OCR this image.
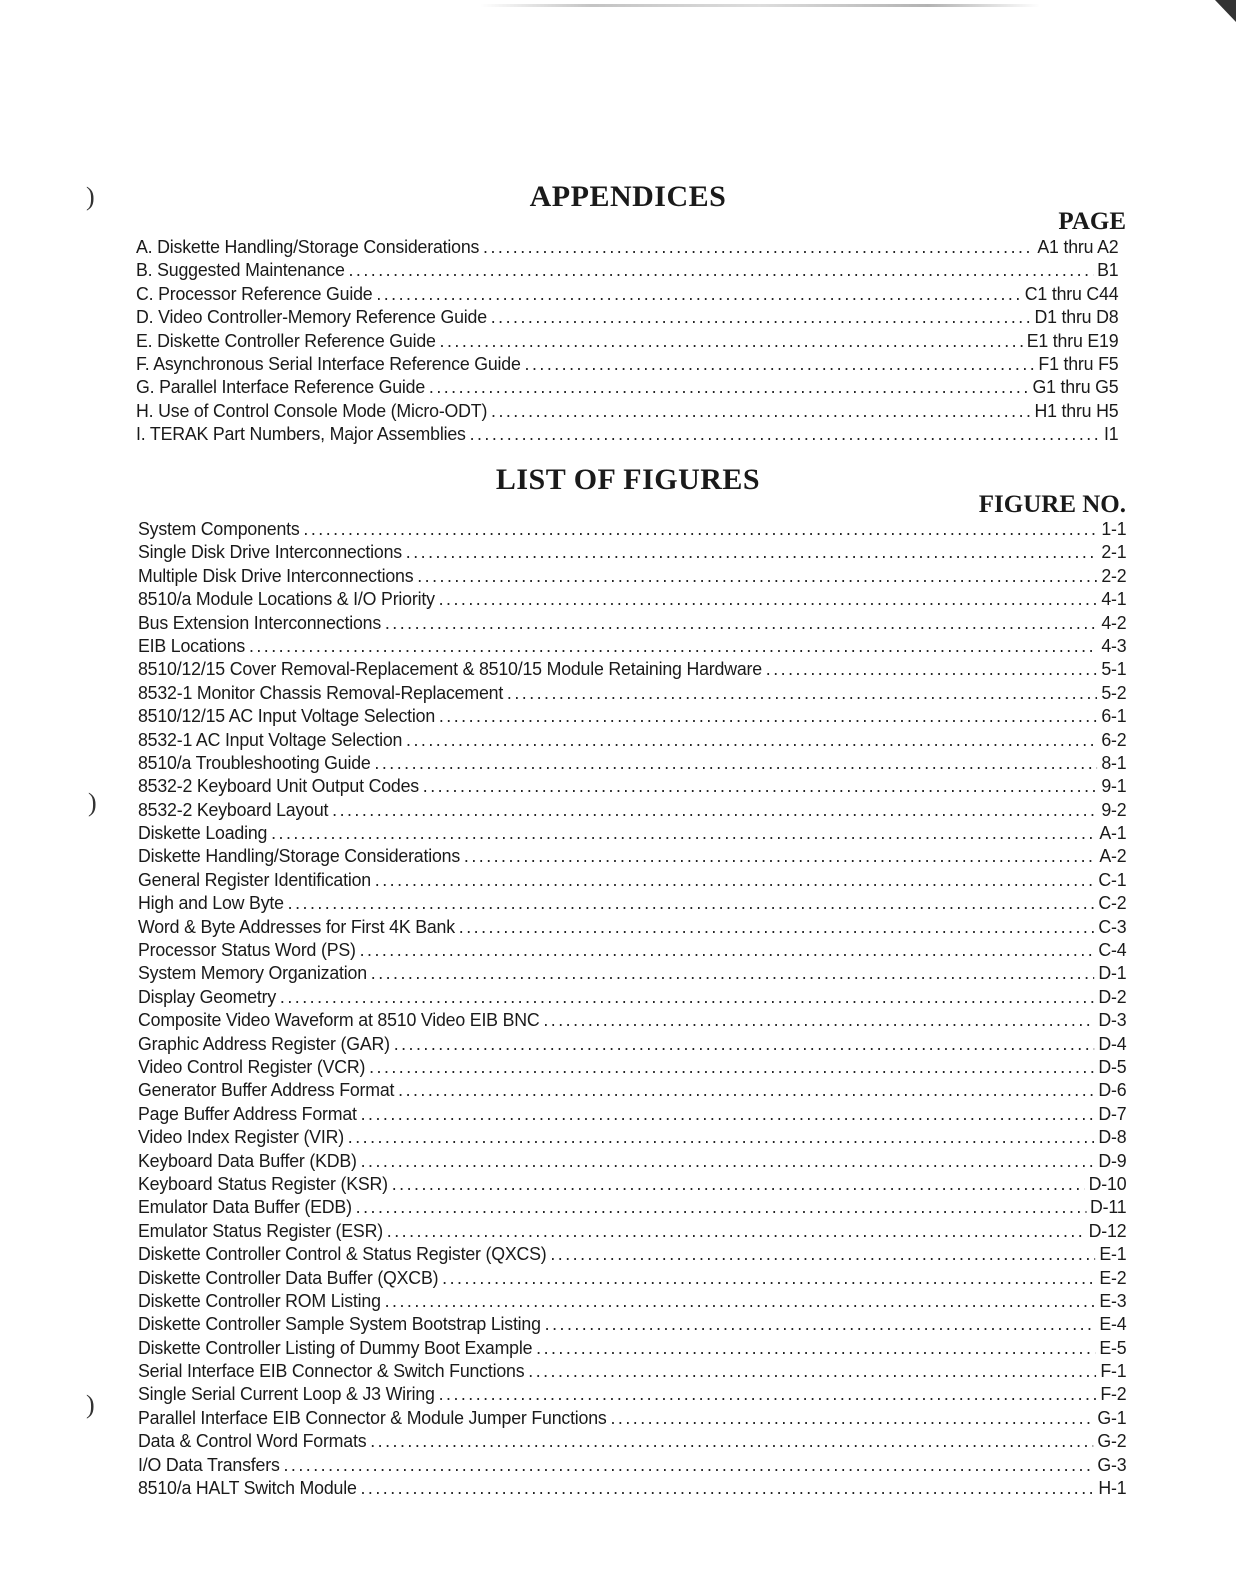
)
)
)
APPENDICES
PAGE
A. Diskette Handling/Storage Considerations .....	A1 thru A2
B. Suggested Maintenance .....	B1
C. Processor Reference Guide .....	C1 thru C44
D. Video Controller-Memory Reference Guide .....	D1 thru D8
E. Diskette Controller Reference Guide .....	E1 thru E19
F. Asynchronous Serial Interface Reference Guide .....	F1 thru F5
G. Parallel Interface Reference Guide .....	G1 thru G5
H. Use of Control Console Mode (Micro-ODT) .....	H1 thru H5
I. TERAK Part Numbers, Major Assemblies .....	I1
LIST OF FIGURES
FIGURE NO.
System Components .....	1-1
Single Disk Drive Interconnections .....	2-1
Multiple Disk Drive Interconnections .....	2-2
8510/a Module Locations & I/O Priority .....	4-1
Bus Extension Interconnections .....	4-2
EIB Locations .....	4-3
8510/12/15 Cover Removal-Replacement & 8510/15 Module Retaining Hardware .....	5-1
8532-1 Monitor Chassis Removal-Replacement .....	5-2
8510/12/15 AC Input Voltage Selection .....	6-1
8532-1 AC Input Voltage Selection .....	6-2
8510/a Troubleshooting Guide .....	8-1
8532-2 Keyboard Unit Output Codes .....	9-1
8532-2 Keyboard Layout .....	9-2
Diskette Loading .....	A-1
Diskette Handling/Storage Considerations .....	A-2
General Register Identification .....	C-1
High and Low Byte .....	C-2
Word & Byte Addresses for First 4K Bank .....	C-3
Processor Status Word (PS) .....	C-4
System Memory Organization .....	D-1
Display Geometry .....	D-2
Composite Video Waveform at 8510 Video EIB BNC .....	D-3
Graphic Address Register (GAR) .....	D-4
Video Control Register (VCR) .....	D-5
Generator Buffer Address Format .....	D-6
Page Buffer Address Format .....	D-7
Video Index Register (VIR) .....	D-8
Keyboard Data Buffer (KDB) .....	D-9
Keyboard Status Register (KSR) .....	D-10
Emulator Data Buffer (EDB) .....	D-11
Emulator Status Register (ESR) .....	D-12
Diskette Controller Control & Status Register (QXCS) .....	E-1
Diskette Controller Data Buffer (QXCB) .....	E-2
Diskette Controller ROM Listing .....	E-3
Diskette Controller Sample System Bootstrap Listing .....	E-4
Diskette Controller Listing of Dummy Boot Example .....	E-5
Serial Interface EIB Connector & Switch Functions .....	F-1
Single Serial Current Loop & J3 Wiring .....	F-2
Parallel Interface EIB Connector & Module Jumper Functions .....	G-1
Data & Control Word Formats .....	G-2
I/O Data Transfers .....	G-3
8510/a HALT Switch Module .....	H-1
